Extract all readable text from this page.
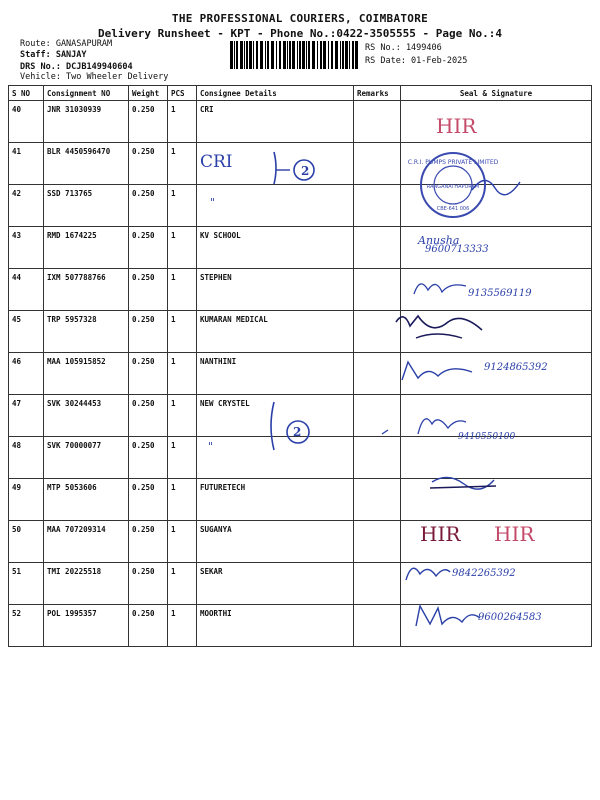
THE PROFESSIONAL COURIERS, COIMBATORE
Delivery Runsheet - KPT - Phone No.:0422-3505555 - Page No.:4
Route: GANASAPURAM
Staff: SANJAY
DRS No.: DCJB149940604
Vehicle: Two Wheeler Delivery
RS No.: 1499406
RS Date: 01-Feb-2025
S NO	Consignment NO	Weight	PCS	Consignee Details	Remarks	Seal & Signature
40	JNR 31030939	0.250	1	CRI		
41	BLR 4450596470	0.250	1			
42	SSD 713765	0.250	1			
43	RMD 1674225	0.250	1	KV SCHOOL		
44	IXM 507788766	0.250	1	STEPHEN		
45	TRP 5957328	0.250	1	KUMARAN MEDICAL		
46	MAA 105915852	0.250	1	NANTHINI		
47	SVK 30244453	0.250	1	NEW CRYSTEL		
48	SVK 70000077	0.250	1			
49	MTP 5053606	0.250	1	FUTURETECH		
50	MAA 707209314	0.250	1	SUGANYA		
51	TMI 20225518	0.250	1	SEKAR		
52	POL 1995357	0.250	1	MOORTHI		
HIR
CRI	2
"
C.R.I. PUMPS PRIVATE LIMITED
RANGANATHAPURAM
CBE-641 006
Anusha
9600713333
9135569119
9124865392
2
"
9410550100
HIR HIR
9842265392
9600264583
